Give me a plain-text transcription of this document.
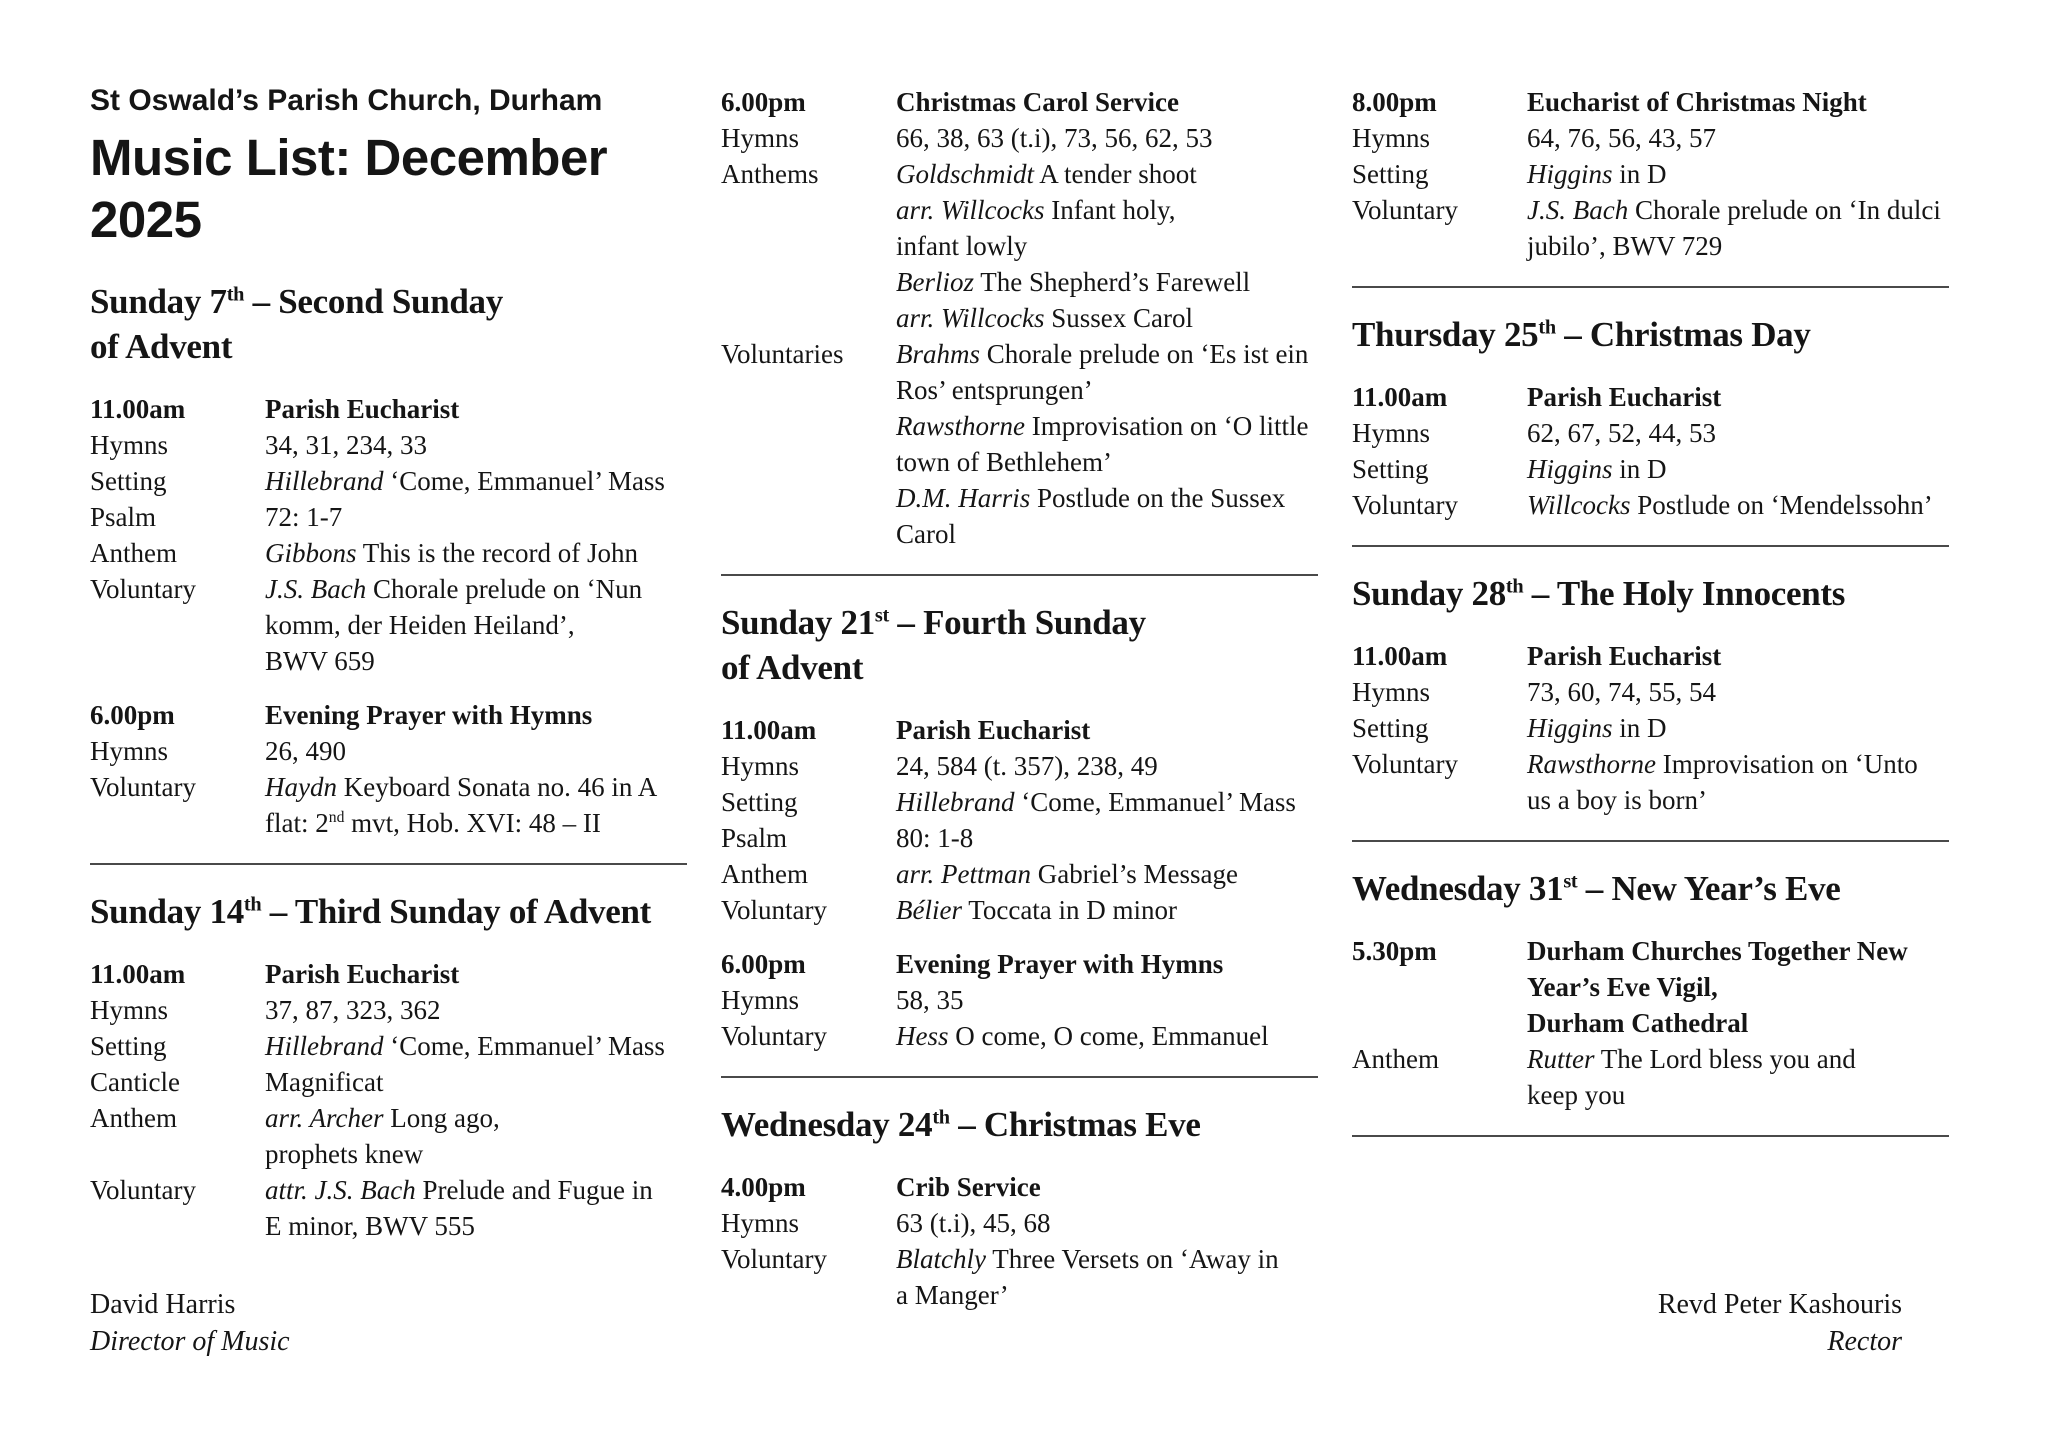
St Oswald’s Parish Church, Durham
Music List: December
2025
Sunday 7th – Second Sunday
of Advent
11.00am	Parish Eucharist
Hymns	34, 31, 234, 33
Setting	Hillebrand ‘Come, Emmanuel’ Mass
Psalm	72: 1-7
Anthem	Gibbons This is the record of John
Voluntary	J.S. Bach Chorale prelude on ‘Nun komm, der Heiden Heiland’,
BWV 659
6.00pm	Evening Prayer with Hymns
Hymns	26, 490
Voluntary	Haydn Keyboard Sonata no. 46 in A flat: 2nd mvt, Hob. XVI: 48 – II
Sunday 14th – Third Sunday of Advent
11.00am	Parish Eucharist
Hymns	37, 87, 323, 362
Setting	Hillebrand ‘Come, Emmanuel’ Mass
Canticle	Magnificat
Anthem	arr. Archer Long ago,
prophets knew
Voluntary	attr. J.S. Bach Prelude and Fugue in
E minor, BWV 555
6.00pm	Christmas Carol Service
Hymns	66, 38, 63 (t.i), 73, 56, 62, 53
Anthems	Goldschmidt A tender shoot
arr. Willcocks Infant holy,
infant lowly
Berlioz The Shepherd’s Farewell
arr. Willcocks Sussex Carol
Voluntaries	Brahms Chorale prelude on ‘Es ist ein Ros’ entsprungen’
Rawsthorne Improvisation on ‘O little town of Bethlehem’
D.M. Harris Postlude on the Sussex Carol
Sunday 21st – Fourth Sunday
of Advent
11.00am	Parish Eucharist
Hymns	24, 584 (t. 357), 238, 49
Setting	Hillebrand ‘Come, Emmanuel’ Mass
Psalm	80: 1-8
Anthem	arr. Pettman Gabriel’s Message
Voluntary	Bélier Toccata in D minor
6.00pm	Evening Prayer with Hymns
Hymns	58, 35
Voluntary	Hess O come, O come, Emmanuel
Wednesday 24th – Christmas Eve
4.00pm	Crib Service
Hymns	63 (t.i), 45, 68
Voluntary	Blatchly Three Versets on ‘Away in
a Manger’
8.00pm	Eucharist of Christmas Night
Hymns	64, 76, 56, 43, 57
Setting	Higgins in D
Voluntary	J.S. Bach Chorale prelude on ‘In dulci jubilo’, BWV 729
Thursday 25th – Christmas Day
11.00am	Parish Eucharist
Hymns	62, 67, 52, 44, 53
Setting	Higgins in D
Voluntary	Willcocks Postlude on ‘Mendelssohn’
Sunday 28th – The Holy Innocents
11.00am	Parish Eucharist
Hymns	73, 60, 74, 55, 54
Setting	Higgins in D
Voluntary	Rawsthorne Improvisation on ‘Unto
us a boy is born’
Wednesday 31st – New Year’s Eve
5.30pm	Durham Churches Together New Year’s Eve Vigil,
Durham Cathedral
Anthem	Rutter The Lord bless you and
keep you
David Harris
Director of Music
Revd Peter Kashouris
Rector
